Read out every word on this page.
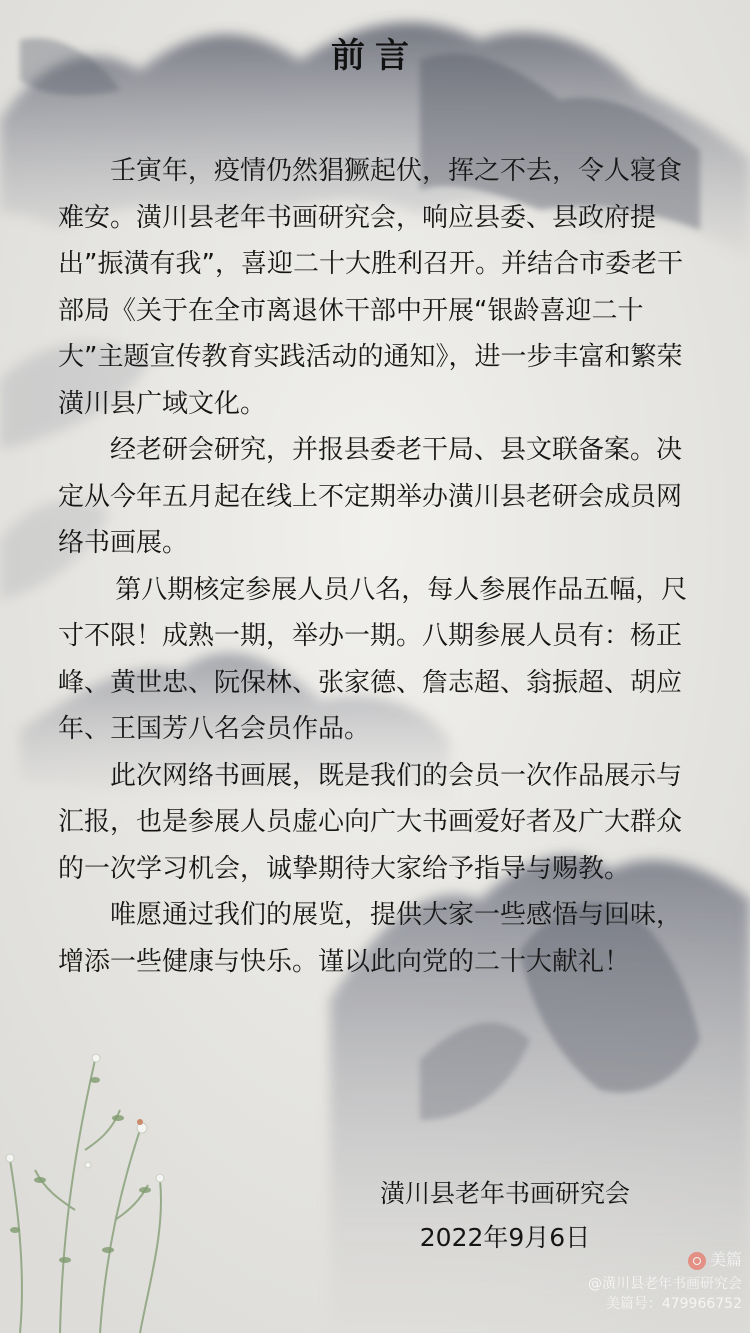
前言

壬寅年，疫情仍然猖獗起伏，挥之不去，令人寝食难安。潢川县老年书画研究会，响应县委、县政府提出”振潢有我”，喜迎二十大胜利召开。并结合市委老干部局《关于在全市离退休干部中开展“银龄喜迎二十大”主题宣传教育实践活动的通知》，进一步丰富和繁荣潢川县广域文化。

经老研会研究，并报县委老干局、县文联备案。决定从今年五月起在线上不定期举办潢川县老研会成员网络书画展。

第八期核定参展人员八名，每人参展作品五幅，尺寸不限！成熟一期，举办一期。八期参展人员有：杨正峰、黄世忠、阮保林、张家德、詹志超、翁振超、胡应年、王国芳八名会员作品。

此次网络书画展，既是我们的会员一次作品展示与汇报，也是参展人员虚心向广大书画爱好者及广大群众的一次学习机会，诚挚期待大家给予指导与赐教。

唯愿通过我们的展览，提供大家一些感悟与回味，增添一些健康与快乐。谨以此向党的二十大献礼！

潢川县老年书画研究会
2022年9月6日
美篇
@潢川县老年书画研究会
美篇号：479966752
